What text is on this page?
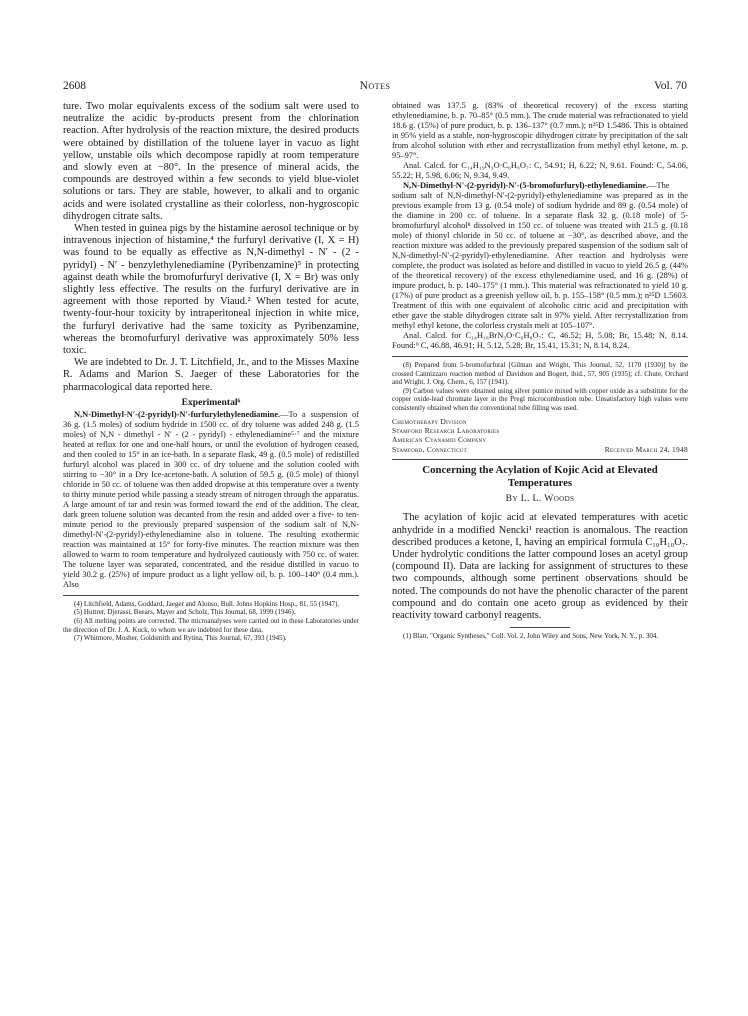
2608	Notes	Vol. 70

ture. Two molar equivalents excess of the sodium salt were used to neutralize the acidic by-products present from the chlorination reaction. After hydrolysis of the reaction mixture, the desired products were obtained by distillation of the toluene layer in vacuo as light yellow, unstable oils which decompose rapidly at room temperature and slowly even at −80°. In the presence of mineral acids, the compounds are destroyed within a few seconds to yield blue-violet solutions or tars. They are stable, however, to alkali and to organic acids and were isolated crystalline as their colorless, non-hygroscopic dihydrogen citrate salts.

When tested in guinea pigs by the histamine aerosol technique or by intravenous injection of histamine,⁴ the furfuryl derivative (I, X = H) was found to be equally as effective as N,N-dimethyl - N′ - (2 - pyridyl) - N′ - benzylethylenediamine (Pyribenzamine)⁵ in protecting against death while the bromofurfuryl derivative (I, X = Br) was only slightly less effective. The results on the furfuryl derivative are in agreement with those reported by Viaud.² When tested for acute, twenty-four-hour toxicity by intraperitoneal injection in white mice, the furfuryl derivative had the same toxicity as Pyribenzamine, whereas the bromofurfuryl derivative was approximately 50% less toxic.

We are indebted to Dr. J. T. Litchfield, Jr., and to the Misses Maxine R. Adams and Marion S. Jaeger of these Laboratories for the pharmacological data reported here.

Experimental⁶

N,N-Dimethyl-N′-(2-pyridyl)-N′-furfurylethylenediamine.—To a suspension of 36 g. (1.5 moles) of sodium hydride in 1500 cc. of dry toluene was added 248 g. (1.5 moles) of N,N - dimethyl - N′ - (2 - pyridyl) - ethylenediamine⁵·⁷ and the mixture heated at reflux for one and one-half hours, or until the evolution of hydrogen ceased, and then cooled to 15° in an ice-bath. In a separate flask, 49 g. (0.5 mole) of redistilled furfuryl alcohol was placed in 300 cc. of dry toluene and the solution cooled with stirring to −30° in a Dry Ice-acetone-bath. A solution of 59.5 g. (0.5 mole) of thionyl chloride in 50 cc. of toluene was then added dropwise at this temperature over a twenty to thirty minute period while passing a steady stream of nitrogen through the apparatus. A large amount of tar and resin was formed toward the end of the addition. The clear, dark green toluene solution was decanted from the resin and added over a five- to ten-minute period to the previously prepared suspension of the sodium salt of N,N-dimethyl-N′-(2-pyridyl)-ethylenediamine also in toluene. The resulting exothermic reaction was maintained at 15° for forty-five minutes. The reaction mixture was then allowed to warm to room temperature and hydrolyzed cautiously with 750 cc. of water. The toluene layer was separated, concentrated, and the residue distilled in vacuo to yield 30.2 g. (25%) of impure product as a light yellow oil, b. p. 100–140° (0.4 mm.). Also

(4) Litchfield, Adams, Goddard, Jaeger and Alonso, Bull. Johns Hopkins Hosp., 81, 55 (1947).

(5) Huttrer, Djerassi, Beears, Mayer and Scholz, This Journal, 68, 1999 (1946).

(6) All melting points are corrected. The microanalyses were carried out in these Laboratories under the direction of Dr. J. A. Kuck, to whom we are indebted for these data.

(7) Whitmore, Mosher, Goldsmith and Rytina, This Journal, 67, 393 (1945).

obtained was 137.5 g. (83% of theoretical recovery) of the excess starting ethylenediamine, b. p. 70–85° (0.5 mm.). The crude material was refractionated to yield 18.6 g. (15%) of pure product, b. p. 136–137° (0.7 mm.); n²⁵D 1.5486. This is obtained in 95% yield as a stable, non-hygroscopic dihydrogen citrate by precipitation of the salt from alcohol solution with ether and recrystallization from methyl ethyl ketone, m. p. 95–97°.

Anal. Calcd. for C₁₄H₁₉N₃O·C₆H₈O₇: C, 54.91; H, 6.22; N, 9.61. Found: C, 54.06, 55.22; H, 5.98, 6.06; N, 9.34, 9.49.

N,N-Dimethyl-N′-(2-pyridyl)-N′-(5-bromofurfuryl)-ethylenediamine.—The sodium salt of N,N-dimethyl-N′-(2-pyridyl)-ethylenediamine was prepared as in the previous example from 13 g. (0.54 mole) of sodium hydride and 89 g. (0.54 mole) of the diamine in 200 cc. of toluene. In a separate flask 32 g. (0.18 mole) of 5-bromofurfuryl alcohol⁸ dissolved in 150 cc. of toluene was treated with 21.5 g. (0.18 mole) of thionyl chloride in 50 cc. of toluene at −30°, as described above, and the reaction mixture was added to the previously prepared suspension of the sodium salt of N,N-dimethyl-N′-(2-pyridyl)-ethylenediamine. After reaction and hydrolysis were complete, the product was isolated as before and distilled in vacuo to yield 26.5 g. (44% of the theoretical recovery) of the excess ethylenediamine used, and 16 g. (28%) of impure product, b. p. 140–175° (1 mm.). This material was refractionated to yield 10 g. (17%) of pure product as a greenish yellow oil, b. p. 155–158° (0.5 mm.); n²⁵D 1.5603. Treatment of this with one equivalent of alcoholic citric acid and precipitation with ether gave the stable dihydrogen citrate salt in 97% yield. After recrystallization from methyl ethyl ketone, the colorless crystals melt at 105–107°.

Anal. Calcd. for C₁₄H₁₈BrN₃O·C₆H₈O₇: C, 46.52; H, 5.08; Br, 15.48; N, 8.14. Found:⁹ C, 46.88, 46.91; H, 5.12, 5.28; Br, 15.41, 15.31; N, 8.14, 8.24.

(8) Prepared from 5-bromofurfural [Gilman and Wright, This Journal, 52, 1170 (1930)] by the crossed Cannizzaro reaction method of Davidson and Bogert, ibid., 57, 905 (1935); cf. Chute, Orchard and Wright, J. Org. Chem., 6, 157 (1941).

(9) Carbon values were obtained using silver pumice mixed with copper oxide as a substitute for the copper oxide-lead chromate layer in the Pregl microcombustion tube. Unsatisfactory high values were consistently obtained when the conventional tube filling was used.

Chemotherapy Division
Stamford Research Laboratories
American Cyanamid Company
Stamford, Connecticut	Received March 24, 1948
Concerning the Acylation of Kojic Acid at Elevated Temperatures
By L. L. Woods

The acylation of kojic acid at elevated temperatures with acetic anhydride in a modified Nencki¹ reaction is anomalous. The reaction described produces a ketone, I, having an empirical formula C₁₀H₁₀O₇. Under hydrolytic conditions the latter compound loses an acetyl group (compound II). Data are lacking for assignment of structures to these two compounds, although some pertinent observations should be noted. The compounds do not have the phenolic character of the parent compound and do contain one aceto group as evidenced by their reactivity toward carbonyl reagents.

(1) Blatt, "Organic Syntheses," Coll. Vol. 2, John Wiley and Sons, New York, N. Y., p. 304.
